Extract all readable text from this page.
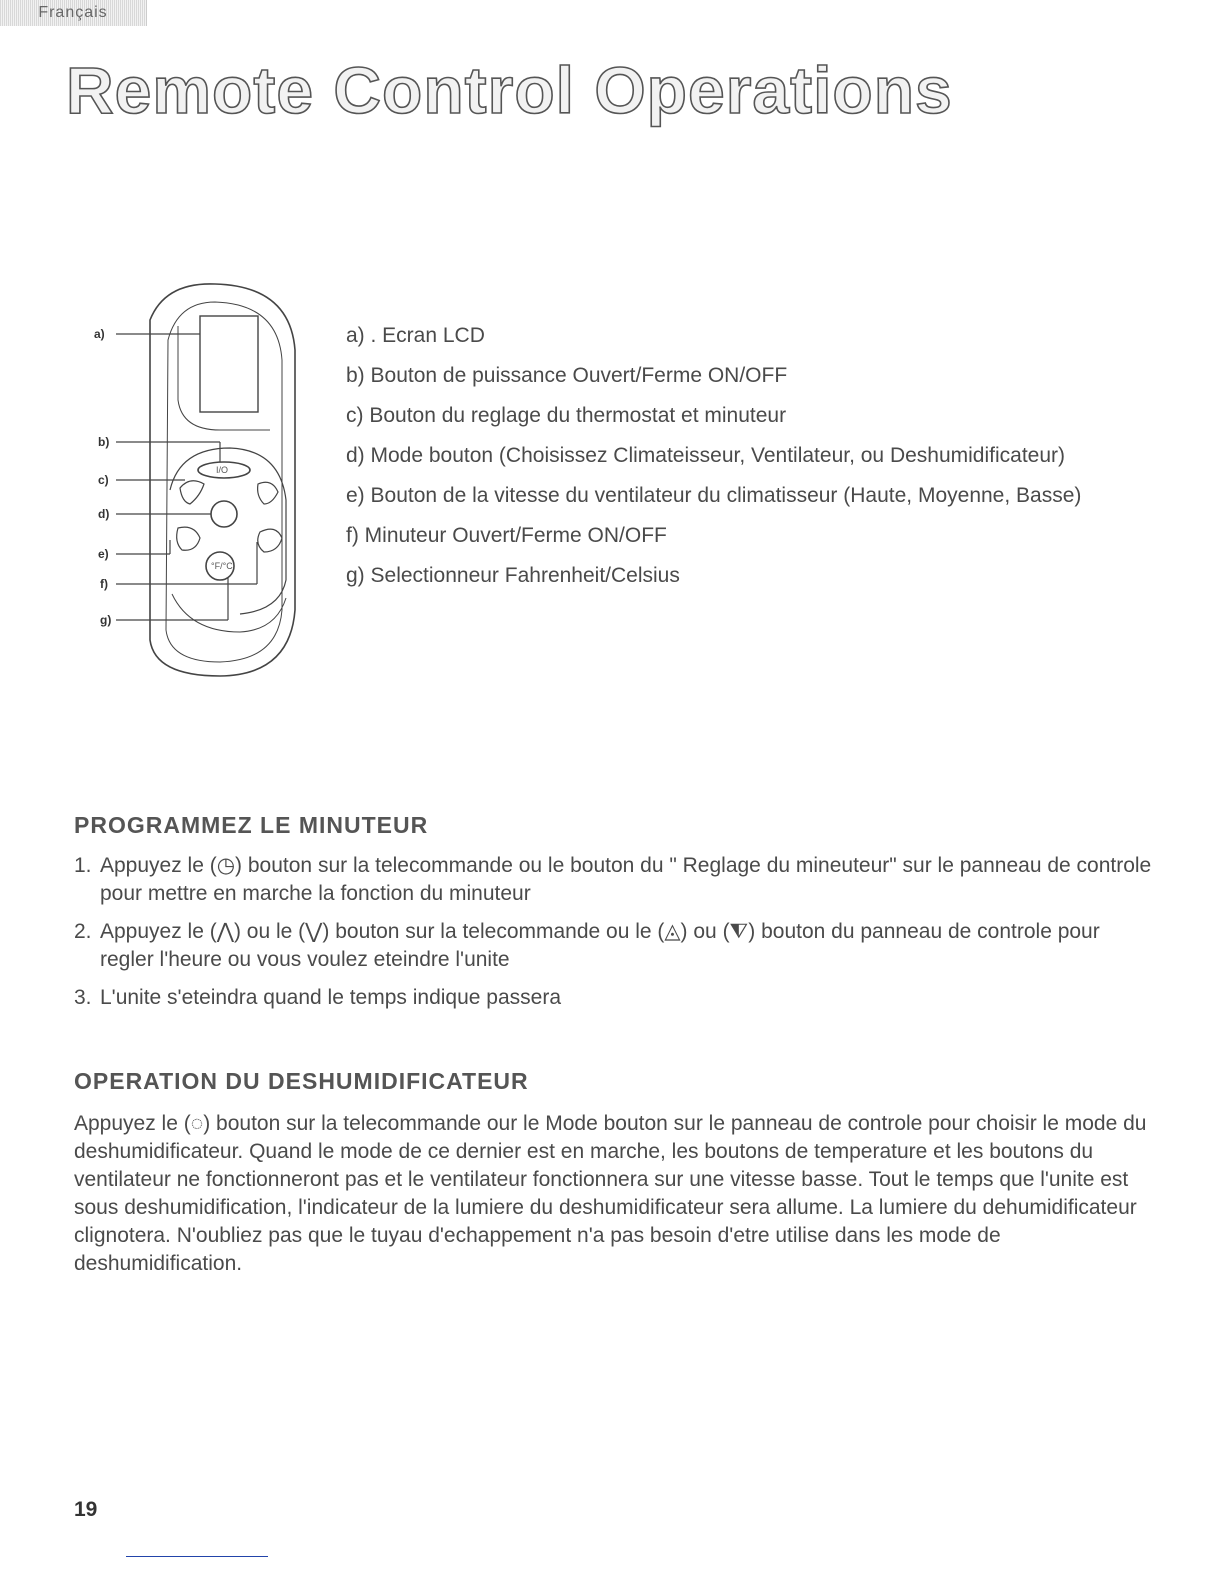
Français
Remote Control Operations
a)
b)
c)
d)
e)
f)
g)
I/O
°F/°C
a) . Ecran LCD
b) Bouton de puissance Ouvert/Ferme ON/OFF
c) Bouton du reglage du thermostat et minuteur
d) Mode bouton (Choisissez Climateisseur, Ventilateur, ou Deshumidificateur)
e) Bouton de la vitesse du ventilateur du climatisseur (Haute, Moyenne, Basse)
f) Minuteur Ouvert/Ferme ON/OFF
g) Selectionneur Fahrenheit/Celsius
PROGRAMMEZ LE MINUTEUR
1. Appuyez le (◷) bouton sur la telecommande ou le bouton du " Reglage du mineuteur" sur le panneau de controle pour mettre en marche la fonction du minuteur
2. Appuyez le (⋀) ou le (⋁) bouton sur la telecommande ou le (◬) ou (⧨) bouton du panneau de controle pour regler l'heure ou vous voulez eteindre l'unite
3. L'unite s'eteindra quand le temps indique passera
OPERATION DU DESHUMIDIFICATEUR

Appuyez le (◌) bouton sur la telecommande our le Mode bouton sur le panneau de controle pour choisir le mode du deshumidificateur. Quand le mode de ce dernier est en marche, les boutons de temperature et les boutons du ventilateur ne fonctionneront pas et le ventilateur fonctionnera sur une vitesse basse. Tout le temps que l'unite est sous deshumidification, l'indicateur de la lumiere du deshumidificateur sera allume. La lumiere du dehumidificateur clignotera. N'oubliez pas que le tuyau d'echappement n'a pas besoin d'etre utilise dans les mode de deshumidification.

19
